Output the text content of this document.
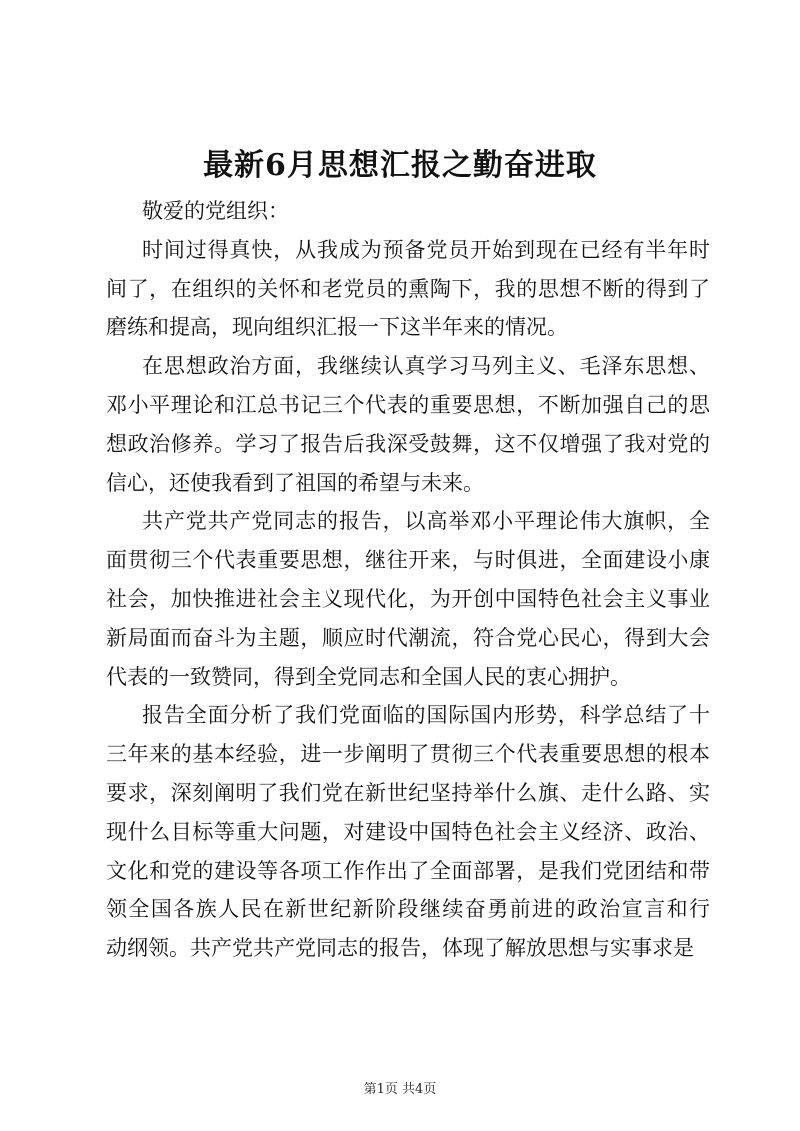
最新6月思想汇报之勤奋进取
敬爱的党组织：
时间过得真快，从我成为预备党员开始到现在已经有半年时
间了，在组织的关怀和老党员的熏陶下，我的思想不断的得到了
磨练和提高，现向组织汇报一下这半年来的情况。
在思想政治方面，我继续认真学习马列主义、毛泽东思想、
邓小平理论和江总书记三个代表的重要思想，不断加强自己的思
想政治修养。学习了报告后我深受鼓舞，这不仅增强了我对党的
信心，还使我看到了祖国的希望与未来。
共产党共产党同志的报告，以高举邓小平理论伟大旗帜，全
面贯彻三个代表重要思想，继往开来，与时俱进，全面建设小康
社会，加快推进社会主义现代化，为开创中国特色社会主义事业
新局面而奋斗为主题，顺应时代潮流，符合党心民心，得到大会
代表的一致赞同，得到全党同志和全国人民的衷心拥护。
报告全面分析了我们党面临的国际国内形势，科学总结了十
三年来的基本经验，进一步阐明了贯彻三个代表重要思想的根本
要求，深刻阐明了我们党在新世纪坚持举什么旗、走什么路、实
现什么目标等重大问题，对建设中国特色社会主义经济、政治、
文化和党的建设等各项工作作出了全面部署，是我们党团结和带
领全国各族人民在新世纪新阶段继续奋勇前进的政治宣言和行
动纲领。共产党共产党同志的报告，体现了解放思想与实事求是
第1页 共4页
